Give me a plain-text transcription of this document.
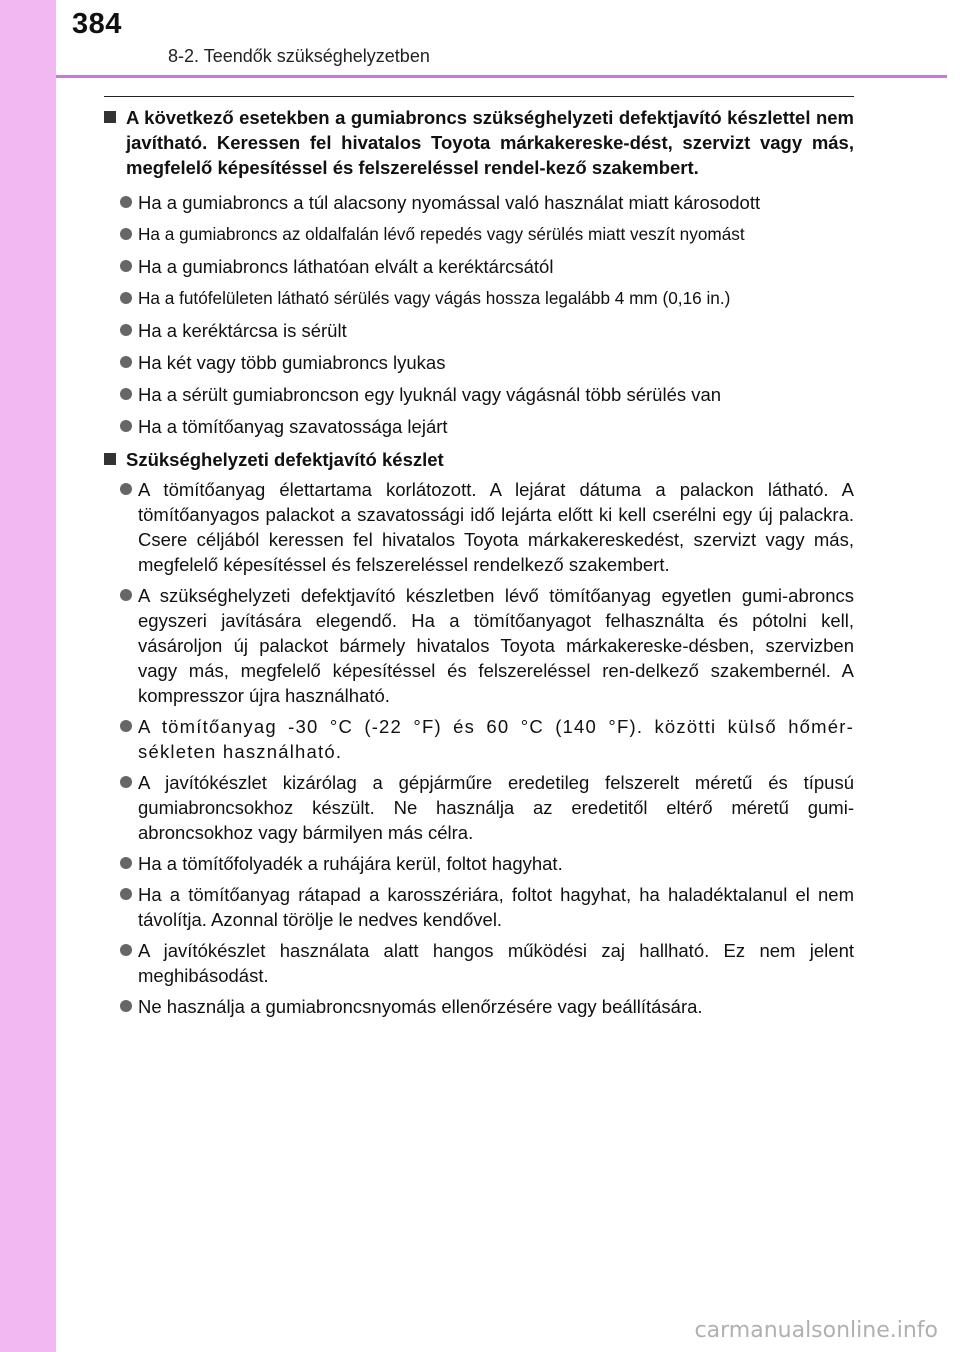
384
8-2. Teendők szükséghelyzetben
A következő esetekben a gumiabroncs szükséghelyzeti defektjavító készlettel nem javítható. Keressen fel hivatalos Toyota márkakereske-dést, szervizt vagy más, megfelelő képesítéssel és felszereléssel rendel-kező szakembert.
Ha a gumiabroncs a túl alacsony nyomással való használat miatt károsodott
Ha a gumiabroncs az oldalfalán lévő repedés vagy sérülés miatt veszít nyomást
Ha a gumiabroncs láthatóan elvált a keréktárcsától
Ha a futófelületen látható sérülés vagy vágás hossza legalább 4 mm (0,16 in.)
Ha a keréktárcsa is sérült
Ha két vagy több gumiabroncs lyukas
Ha a sérült gumiabroncson egy lyuknál vagy vágásnál több sérülés van
Ha a tömítőanyag szavatossága lejárt
Szükséghelyzeti defektjavító készlet
A tömítőanyag élettartama korlátozott. A lejárat dátuma a palackon látható. A tömítőanyagos palackot a szavatossági idő lejárta előtt ki kell cserélni egy új palackra. Csere céljából keressen fel hivatalos Toyota márkakereskedést, szervizt vagy más, megfelelő képesítéssel és felszereléssel rendelkező szakembert.
A szükséghelyzeti defektjavító készletben lévő tömítőanyag egyetlen gumi-abroncs egyszeri javítására elegendő. Ha a tömítőanyagot felhasználta és pótolni kell, vásároljon új palackot bármely hivatalos Toyota márkakereske-désben, szervizben vagy más, megfelelő képesítéssel és felszereléssel ren-delkező szakembernél. A kompresszor újra használható.
A tömítőanyag -30 °C (-22 °F) és 60 °C (140 °F). közötti külső hőmér-sékleten használható.
A javítókészlet kizárólag a gépjárműre eredetileg felszerelt méretű és típusú gumiabroncsokhoz készült. Ne használja az eredetitől eltérő méretű gumi-abroncsokhoz vagy bármilyen más célra.
Ha a tömítőfolyadék a ruhájára kerül, foltot hagyhat.
Ha a tömítőanyag rátapad a karosszériára, foltot hagyhat, ha haladéktalanul el nem távolítja. Azonnal törölje le nedves kendővel.
A javítókészlet használata alatt hangos működési zaj hallható. Ez nem jelent meghibásodást.
Ne használja a gumiabroncsnyomás ellenőrzésére vagy beállítására.
carmanualsonline.info
